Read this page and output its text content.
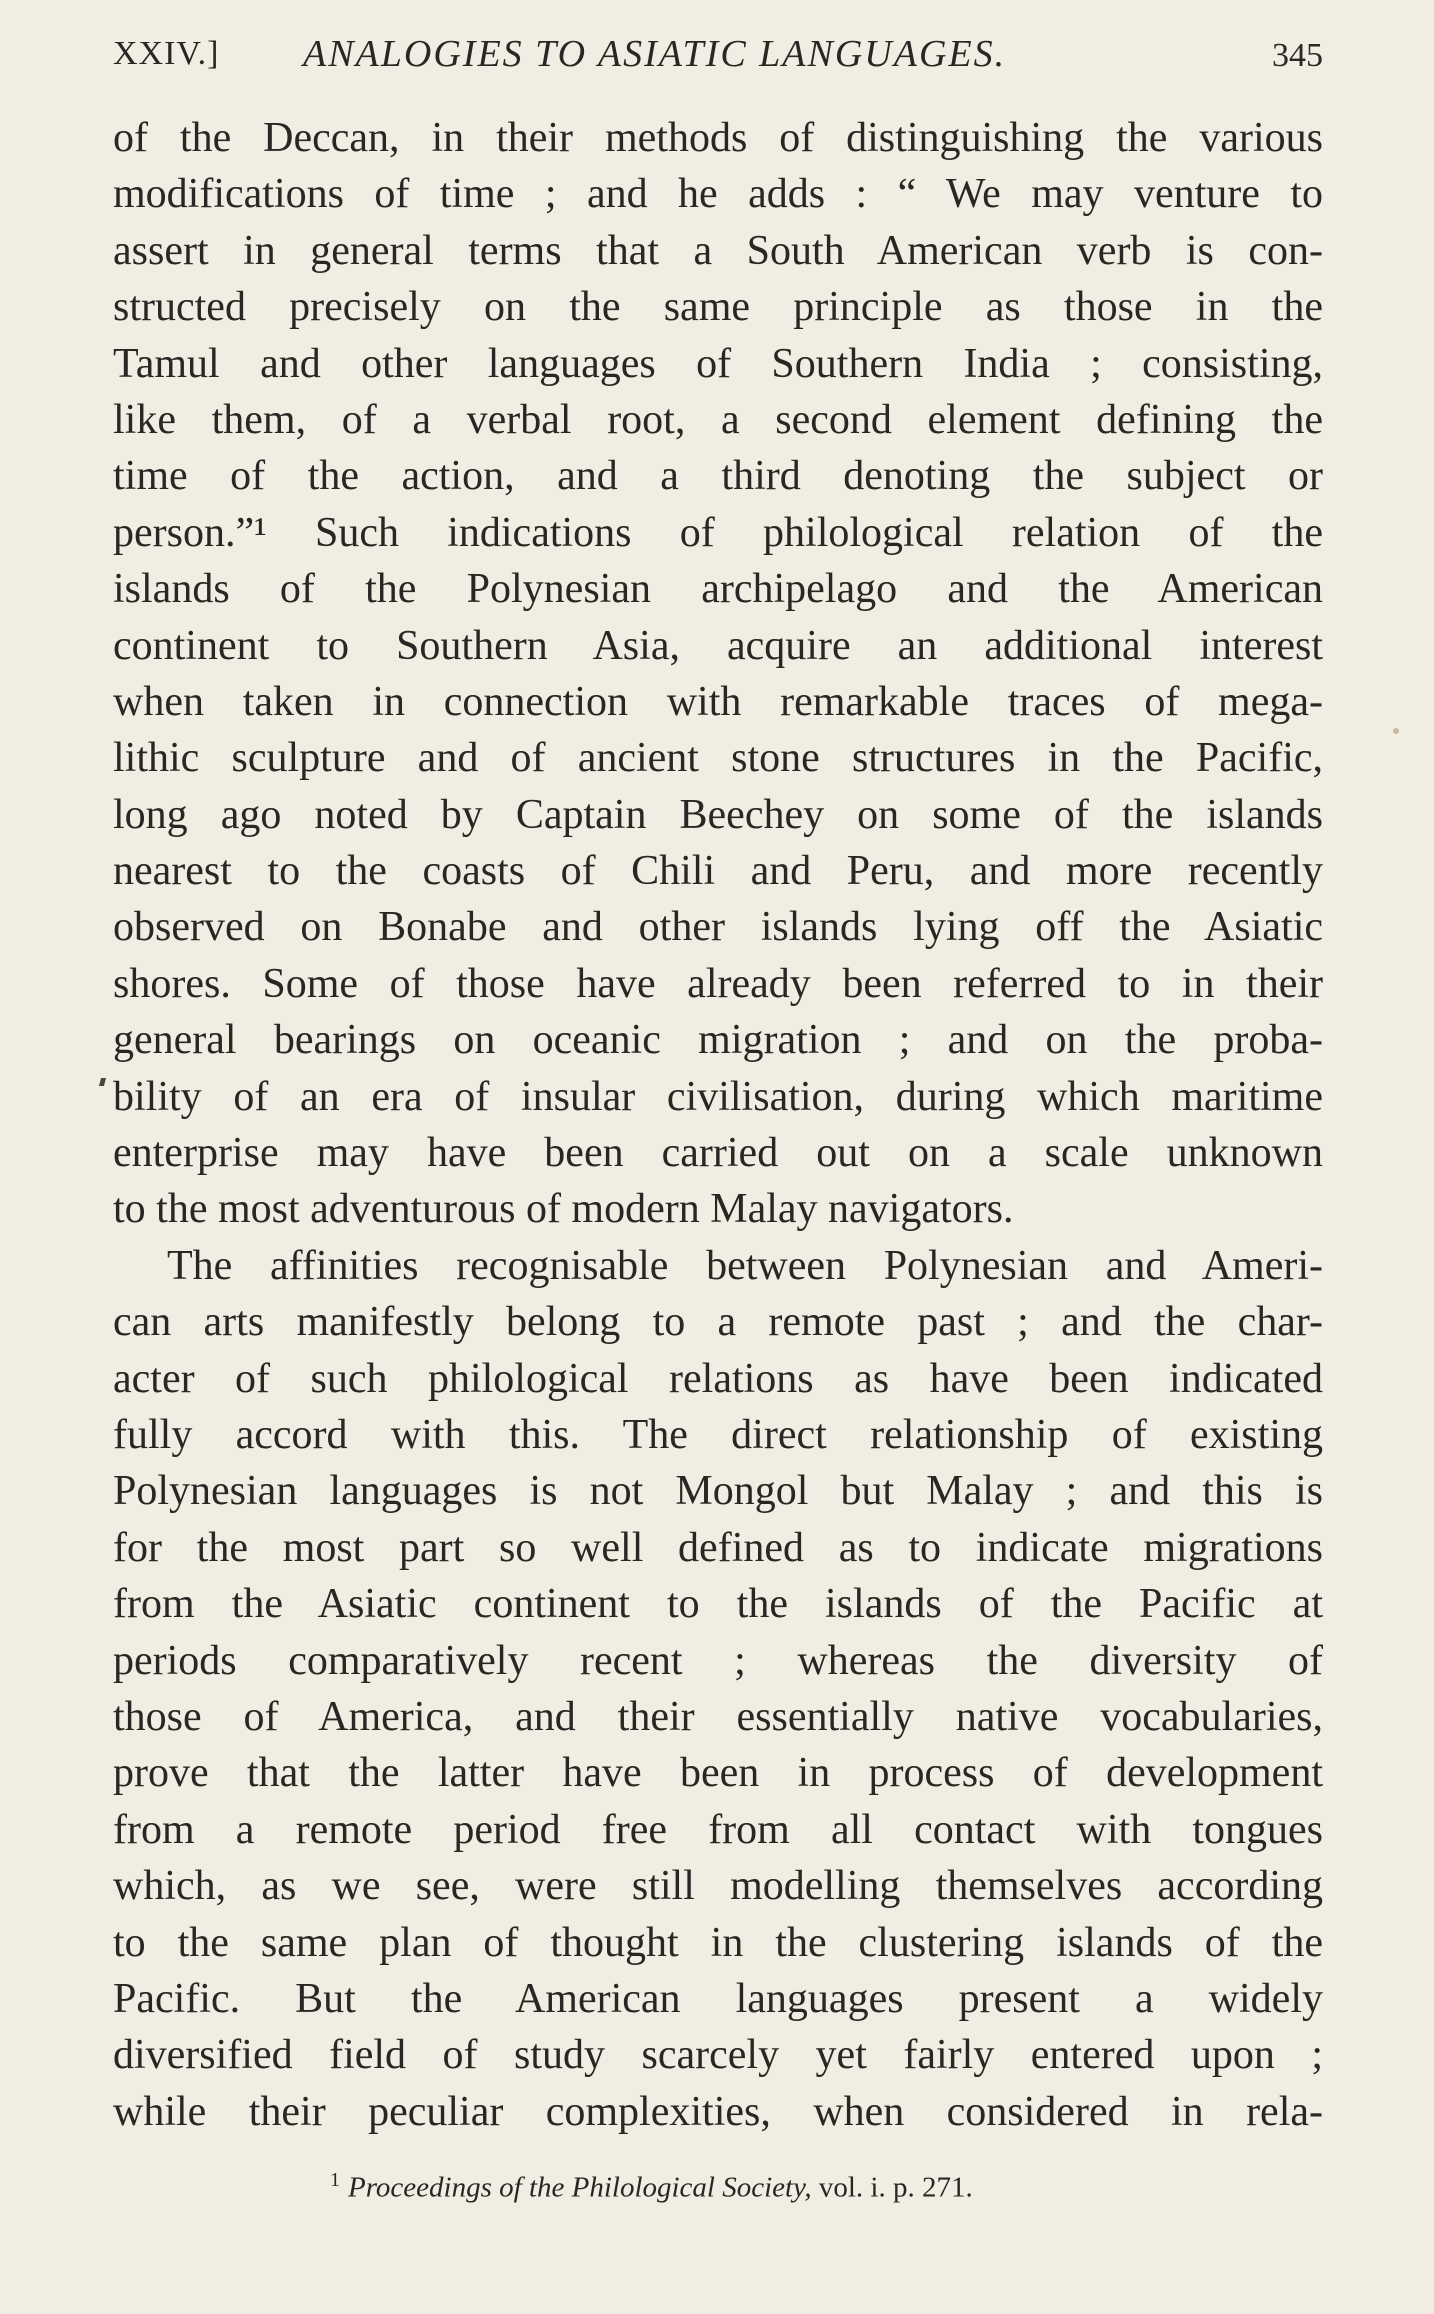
XXIV.] ANALOGIES TO ASIATIC LANGUAGES.	345
of the Deccan, in their methods of distinguishing the various
modifications of time ; and he adds : “ We may venture to
assert in general terms that a South American verb is con-
structed precisely on the same principle as those in the
Tamul and other languages of Southern India ; consisting,
like them, of a verbal root, a second element defining the
time of the action, and a third denoting the subject or
person.”¹ Such indications of philological relation of the
islands of the Polynesian archipelago and the American
continent to Southern Asia, acquire an additional interest
when taken in connection with remarkable traces of mega-
lithic sculpture and of ancient stone structures in the Pacific,
long ago noted by Captain Beechey on some of the islands
nearest to the coasts of Chili and Peru, and more recently
observed on Bonabe and other islands lying off the Asiatic
shores. Some of those have already been referred to in their
general bearings on oceanic migration ; and on the proba-
bility of an era of insular civilisation, during which maritime
enterprise may have been carried out on a scale unknown
to the most adventurous of modern Malay navigators.
The affinities recognisable between Polynesian and Ameri-
can arts manifestly belong to a remote past ; and the char-
acter of such philological relations as have been indicated
fully accord with this. The direct relationship of existing
Polynesian languages is not Mongol but Malay ; and this is
for the most part so well defined as to indicate migrations
from the Asiatic continent to the islands of the Pacific at
periods comparatively recent ; whereas the diversity of
those of America, and their essentially native vocabularies,
prove that the latter have been in process of development
from a remote period free from all contact with tongues
which, as we see, were still modelling themselves according
to the same plan of thought in the clustering islands of the
Pacific. But the American languages present a widely
diversified field of study scarcely yet fairly entered upon ;
while their peculiar complexities, when considered in rela-
$^1$ Proceedings of the Philological Society, vol. i. p. 271.
